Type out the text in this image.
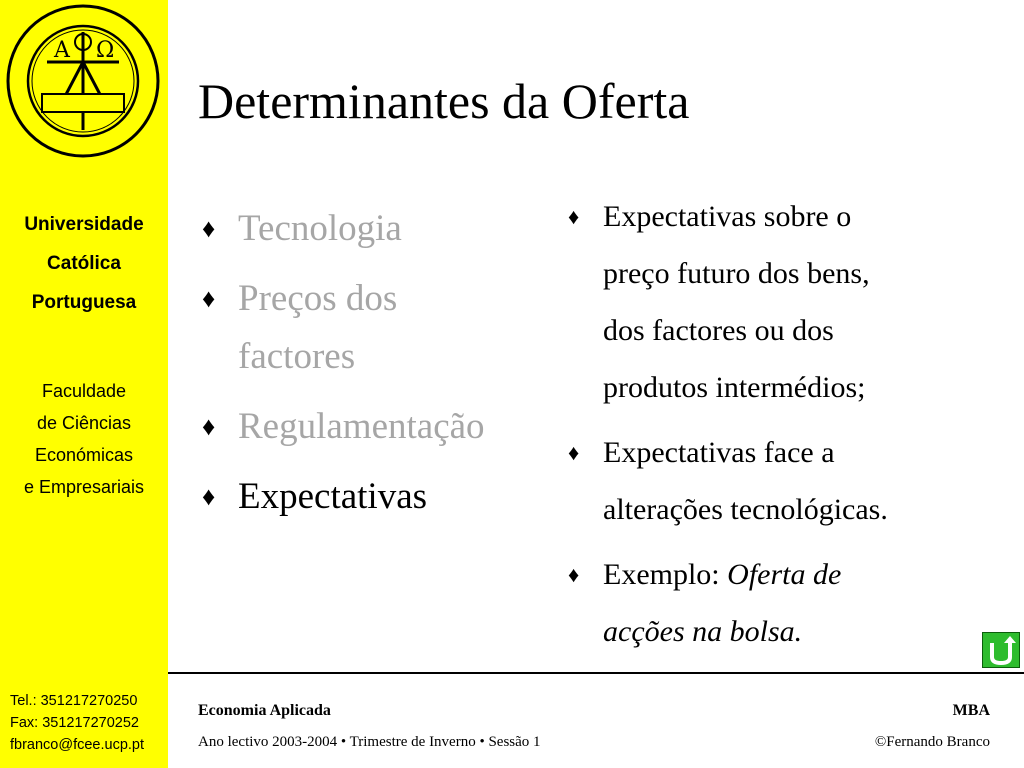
A Ω
Universidade
Católica
Portuguesa
Faculdade
de Ciências
Económicas
e Empresariais
Tel.: 351217270250
Fax: 351217270252
fbranco@fcee.ucp.pt
Determinantes da Oferta
♦ Tecnologia
♦ Preços dos
factores
♦ Regulamentação
♦ Expectativas
♦ Expectativas sobre o
preço futuro dos bens,
dos factores ou dos
produtos intermédios;
♦ Expectativas face a
alterações tecnológicas.
♦ Exemplo: Oferta de
acções na bolsa.
Economia Aplicada	MBA
Ano lectivo 2003-2004 • Trimestre de Inverno • Sessão 1	©Fernando Branco
